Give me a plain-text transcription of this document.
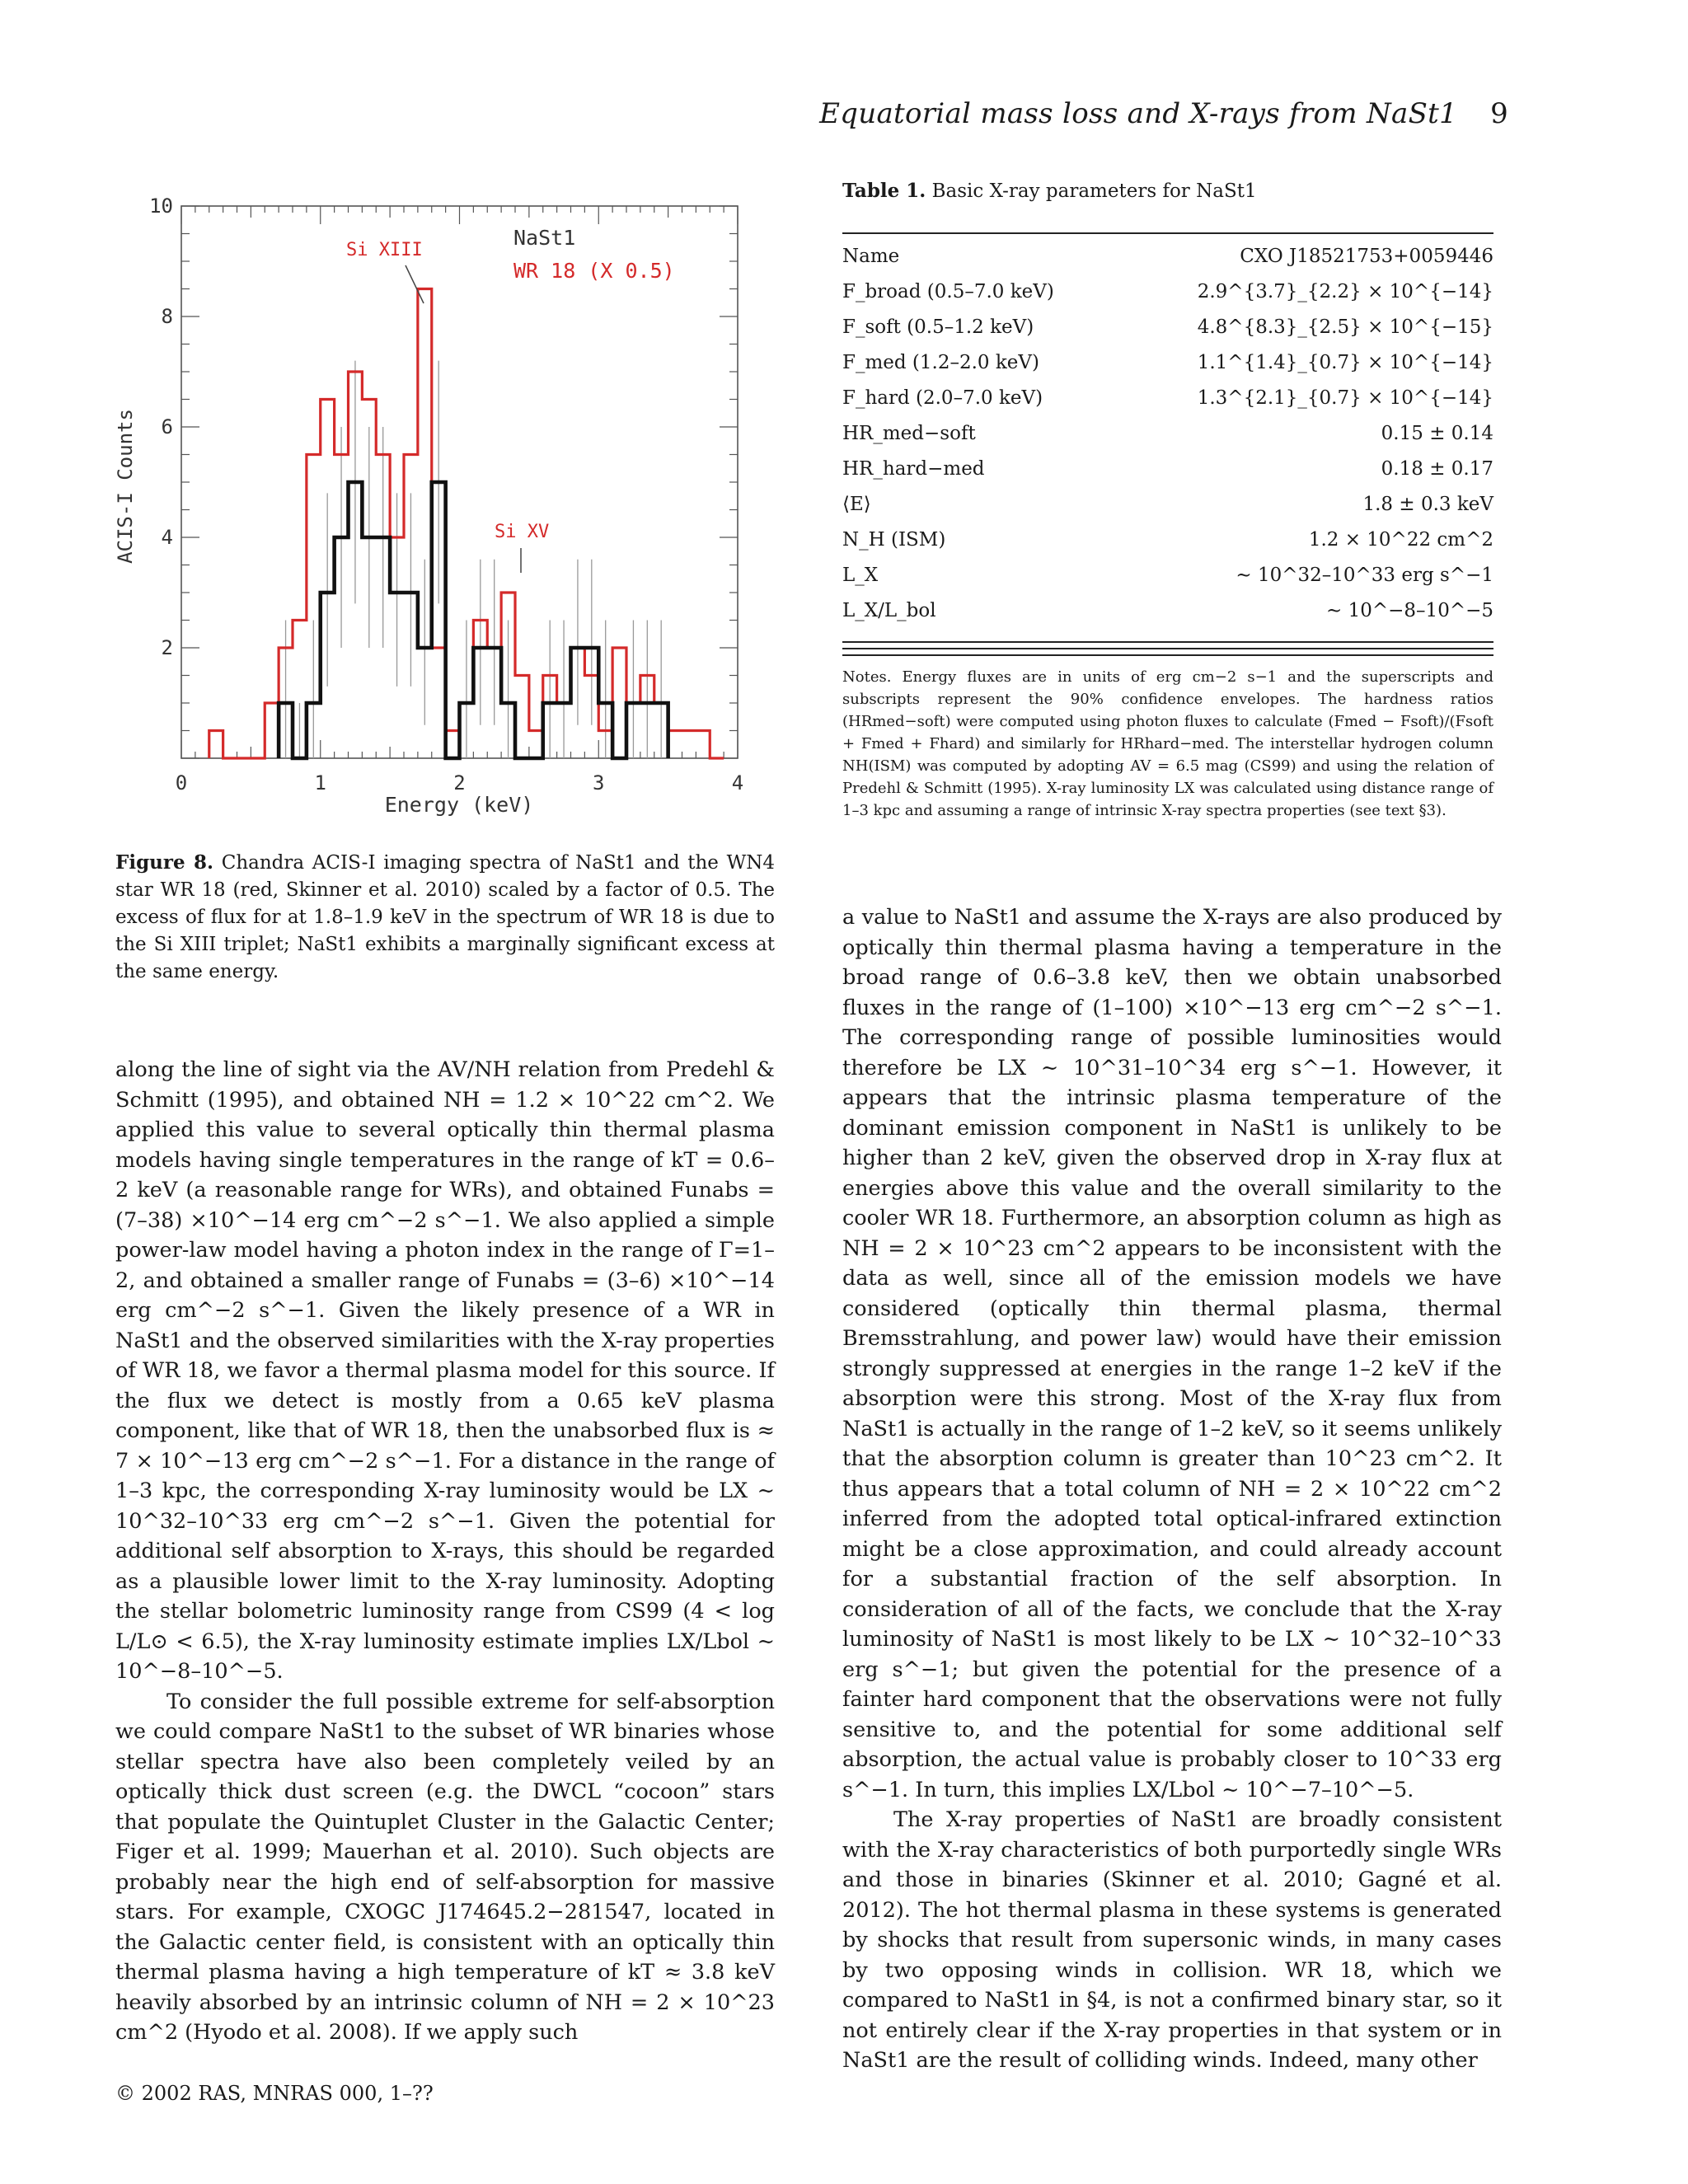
Equatorial mass loss and X-rays from NaSt1 9
0	1	2	3	4
2
4
6
8
10
NaSt1
WR 18 (X 0.5)
Si XIII
Si XV
Energy (keV)
ACIS-I Counts
Figure 8. Chandra ACIS-I imaging spectra of NaSt1 and the WN4 star WR 18 (red, Skinner et al. 2010) scaled by a factor of 0.5. The excess of flux for at 1.8–1.9 keV in the spectrum of WR 18 is due to the Si XIII triplet; NaSt1 exhibits a marginally significant excess at the same energy.
Table 1. Basic X-ray parameters for NaSt1
Name	CXO J18521753+0059446
F_broad (0.5–7.0 keV)	2.9^{3.7}_{2.2} × 10^{−14}
F_soft (0.5–1.2 keV)	4.8^{8.3}_{2.5} × 10^{−15}
F_med (1.2–2.0 keV)	1.1^{1.4}_{0.7} × 10^{−14}
F_hard (2.0–7.0 keV)	1.3^{2.1}_{0.7} × 10^{−14}
HR_med−soft	0.15 ± 0.14
HR_hard−med	0.18 ± 0.17
⟨E⟩	1.8 ± 0.3 keV
N_H (ISM)	1.2 × 10^22 cm^2
L_X	∼ 10^32–10^33 erg s^−1
L_X/L_bol	∼ 10^−8–10^−5
Notes. Energy fluxes are in units of erg cm−2 s−1 and the superscripts and subscripts represent the 90% confidence envelopes. The hardness ratios (HRmed−soft) were computed using photon fluxes to calculate (Fmed − Fsoft)/(Fsoft + Fmed + Fhard) and similarly for HRhard−med. The interstellar hydrogen column NH(ISM) was computed by adopting AV = 6.5 mag (CS99) and using the relation of Predehl & Schmitt (1995). X-ray luminosity LX was calculated using distance range of 1–3 kpc and assuming a range of intrinsic X-ray spectra properties (see text §3).

along the line of sight via the AV/NH relation from Predehl & Schmitt (1995), and obtained NH = 1.2 × 10^22 cm^2. We applied this value to several optically thin thermal plasma models having single temperatures in the range of kT = 0.6–2 keV (a reasonable range for WRs), and obtained Funabs = (7–38) ×10^−14 erg cm^−2 s^−1. We also applied a simple power-law model having a photon index in the range of Γ=1–2, and obtained a smaller range of Funabs = (3–6) ×10^−14 erg cm^−2 s^−1. Given the likely presence of a WR in NaSt1 and the observed similarities with the X-ray properties of WR 18, we favor a thermal plasma model for this source. If the flux we detect is mostly from a 0.65 keV plasma component, like that of WR 18, then the unabsorbed flux is ≈ 7 × 10^−13 erg cm^−2 s^−1. For a distance in the range of 1–3 kpc, the corresponding X-ray luminosity would be LX ∼ 10^32–10^33 erg cm^−2 s^−1. Given the potential for additional self absorption to X-rays, this should be regarded as a plausible lower limit to the X-ray luminosity. Adopting the stellar bolometric luminosity range from CS99 (4 < log L/L⊙ < 6.5), the X-ray luminosity estimate implies LX/Lbol ∼ 10^−8–10^−5.

To consider the full possible extreme for self-absorption we could compare NaSt1 to the subset of WR binaries whose stellar spectra have also been completely veiled by an optically thick dust screen (e.g. the DWCL “cocoon” stars that populate the Quintuplet Cluster in the Galactic Center; Figer et al. 1999; Mauerhan et al. 2010). Such objects are probably near the high end of self-absorption for massive stars. For example, CXOGC J174645.2−281547, located in the Galactic center field, is consistent with an optically thin thermal plasma having a high temperature of kT ≈ 3.8 keV heavily absorbed by an intrinsic column of NH = 2 × 10^23 cm^2 (Hyodo et al. 2008). If we apply such

a value to NaSt1 and assume the X-rays are also produced by optically thin thermal plasma having a temperature in the broad range of 0.6–3.8 keV, then we obtain unabsorbed fluxes in the range of (1–100) ×10^−13 erg cm^−2 s^−1. The corresponding range of possible luminosities would therefore be LX ∼ 10^31–10^34 erg s^−1. However, it appears that the intrinsic plasma temperature of the dominant emission component in NaSt1 is unlikely to be higher than 2 keV, given the observed drop in X-ray flux at energies above this value and the overall similarity to the cooler WR 18. Furthermore, an absorption column as high as NH = 2 × 10^23 cm^2 appears to be inconsistent with the data as well, since all of the emission models we have considered (optically thin thermal plasma, thermal Bremsstrahlung, and power law) would have their emission strongly suppressed at energies in the range 1–2 keV if the absorption were this strong. Most of the X-ray flux from NaSt1 is actually in the range of 1–2 keV, so it seems unlikely that the absorption column is greater than 10^23 cm^2. It thus appears that a total column of NH = 2 × 10^22 cm^2 inferred from the adopted total optical-infrared extinction might be a close approximation, and could already account for a substantial fraction of the self absorption. In consideration of all of the facts, we conclude that the X-ray luminosity of NaSt1 is most likely to be LX ∼ 10^32–10^33 erg s^−1; but given the potential for the presence of a fainter hard component that the observations were not fully sensitive to, and the potential for some additional self absorption, the actual value is probably closer to 10^33 erg s^−1. In turn, this implies LX/Lbol ∼ 10^−7–10^−5.

The X-ray properties of NaSt1 are broadly consistent with the X-ray characteristics of both purportedly single WRs and those in binaries (Skinner et al. 2010; Gagné et al. 2012). The hot thermal plasma in these systems is generated by shocks that result from supersonic winds, in many cases by two opposing winds in collision. WR 18, which we compared to NaSt1 in §4, is not a confirmed binary star, so it not entirely clear if the X-ray properties in that system or in NaSt1 are the result of colliding winds. Indeed, many other

© 2002 RAS, MNRAS 000, 1–??
